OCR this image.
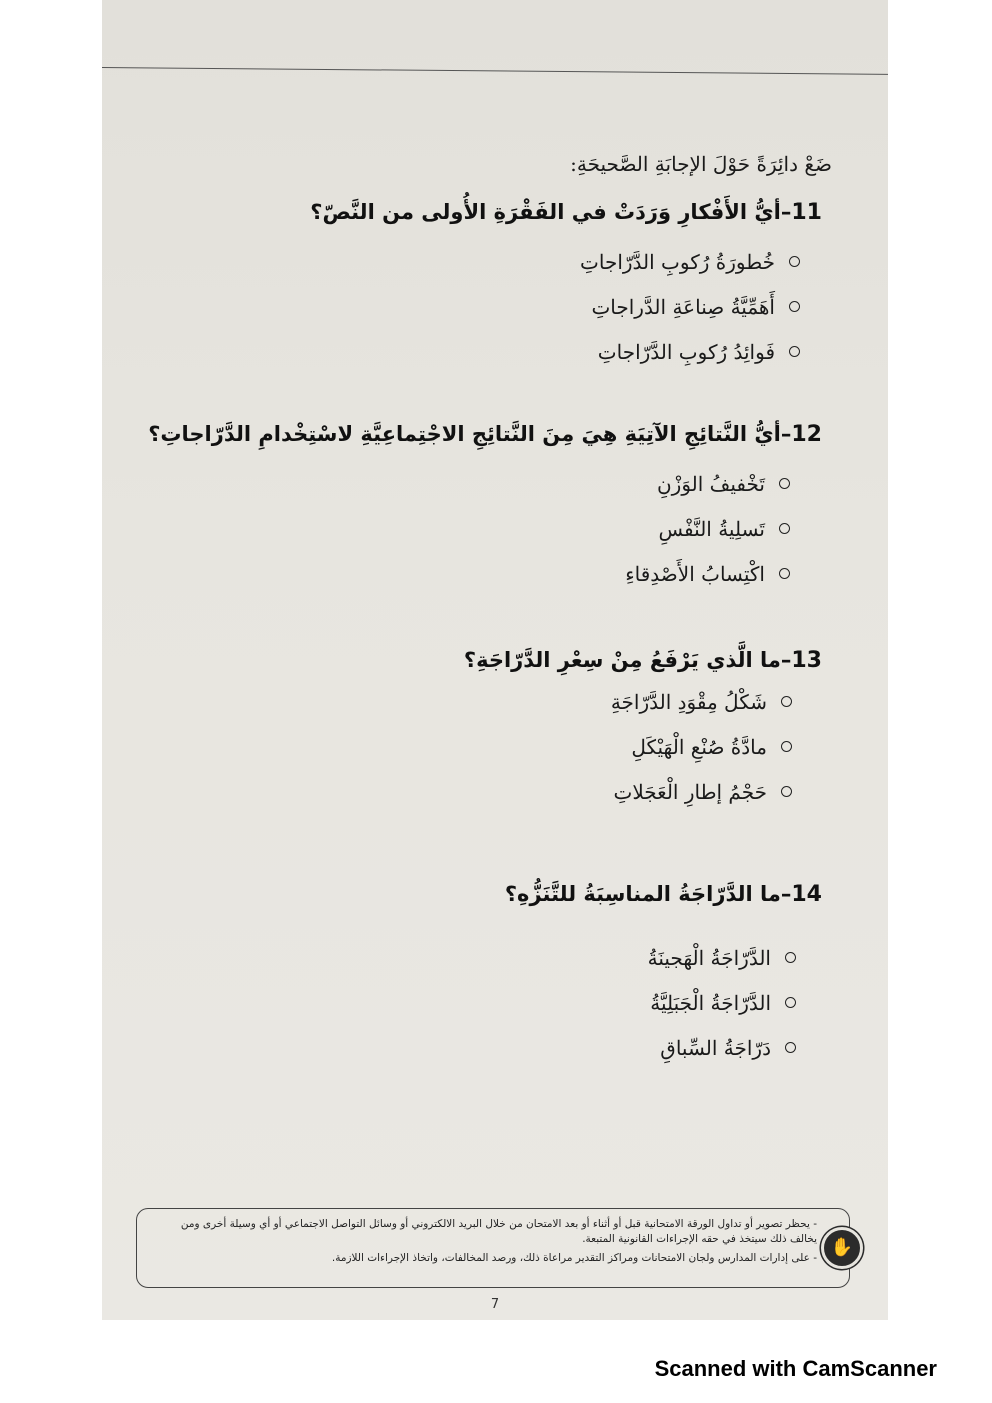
ضَعْ دائِرَةً حَوْلَ الإجابَةِ الصَّحيحَةِ:
11–أيُّ الأَفْكارِ وَرَدَتْ في الفَقْرَةِ الأُولى من النَّصّ؟
خُطورَةُ رُكوبِ الدَّرّاجاتِ
أَهَمِّيَّةُ صِناعَةِ الدَّراجاتِ
فَوائِدُ رُكوبِ الدَّرّاجاتِ
12–أيُّ النَّتائِجِ الآتِيَةِ هِيَ مِنَ النَّتائِجِ الاجْتِماعِيَّةِ لاسْتِخْدامِ الدَّرّاجاتِ؟
تَخْفيفُ الوَزْنِ
تَسلِيةُ النَّفْسِ
اكْتِسابُ الأَصْدِقاءِ
13–ما الَّذي يَرْفَعُ مِنْ سِعْرِ الدَّرّاجَةِ؟
شَكْلُ مِقْوَدِ الدَّرّاجَةِ
مادَّةُ صُنْعِ الْهَيْكَلِ
حَجْمُ إطارِ الْعَجَلاتِ
14–ما الدَّرّاجَةُ المناسِبَةُ للتَّنَزُّهِ؟
الدَّرّاجَةُ الْهَجينَةُ
الدَّرّاجَةُ الْجَبَلِيَّةُ
دَرّاجَةُ السِّباقِ
✋
- يحظر تصوير أو تداول الورقة الامتحانية قبل أو أثناء أو بعد الامتحان من خلال البريد الالكتروني أو وسائل التواصل الاجتماعي أو أي وسيلة أخرى ومن يخالف ذلك سيتخذ في حقه الإجراءات القانونية المتبعة.
- على إدارات المدارس ولجان الامتحانات ومراكز التقدير مراعاة ذلك، ورصد المخالفات، واتخاذ الإجراءات اللازمة.
7
Scanned with CamScanner
